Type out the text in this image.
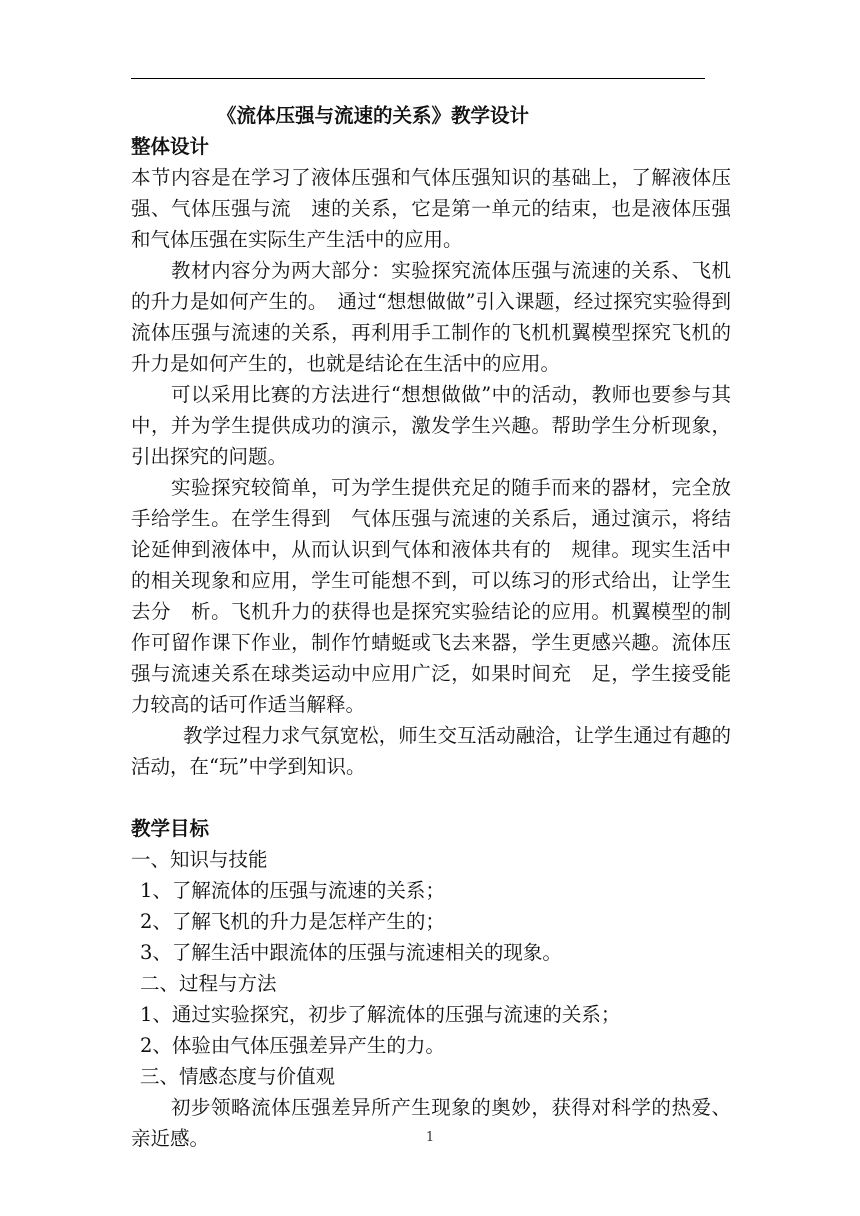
《流体压强与流速的关系》教学设计
整体设计

本节内容是在学习了液体压强和气体压强知识的基础上，了解液体压强、气体压强与流　速的关系，它是第一单元的结束，也是液体压强和气体压强在实际生产生活中的应用。

教材内容分为两大部分：实验探究流体压强与流速的关系、飞机的升力是如何产生的。　通过“想想做做”引入课题，经过探究实验得到流体压强与流速的关系，再利用手工制作的飞机机翼模型探究飞机的升力是如何产生的，也就是结论在生活中的应用。

可以采用比赛的方法进行“想想做做”中的活动，教师也要参与其中，并为学生提供成功的演示，激发学生兴趣。帮助学生分析现象，引出探究的问题。

实验探究较简单，可为学生提供充足的随手而来的器材，完全放手给学生。在学生得到　气体压强与流速的关系后，通过演示，将结论延伸到液体中，从而认识到气体和液体共有的　规律。现实生活中的相关现象和应用，学生可能想不到，可以练习的形式给出，让学生去分　析。飞机升力的获得也是探究实验结论的应用。机翼模型的制作可留作课下作业，制作竹蜻蜓或飞去来器，学生更感兴趣。流体压强与流速关系在球类运动中应用广泛，如果时间充　足，学生接受能力较高的话可作适当解释。

教学过程力求气氛宽松，师生交互活动融洽，让学生通过有趣的活动，在“玩”中学到知识。

教学目标
一、知识与技能
1、了解流体的压强与流速的关系；
2、了解飞机的升力是怎样产生的；
3、了解生活中跟流体的压强与流速相关的现象。
二、过程与方法
1、通过实验探究，初步了解流体的压强与流速的关系；
2、体验由气体压强差异产生的力。
三、情感态度与价值观

初步领略流体压强差异所产生现象的奥妙，获得对科学的热爱、亲近感。	1
